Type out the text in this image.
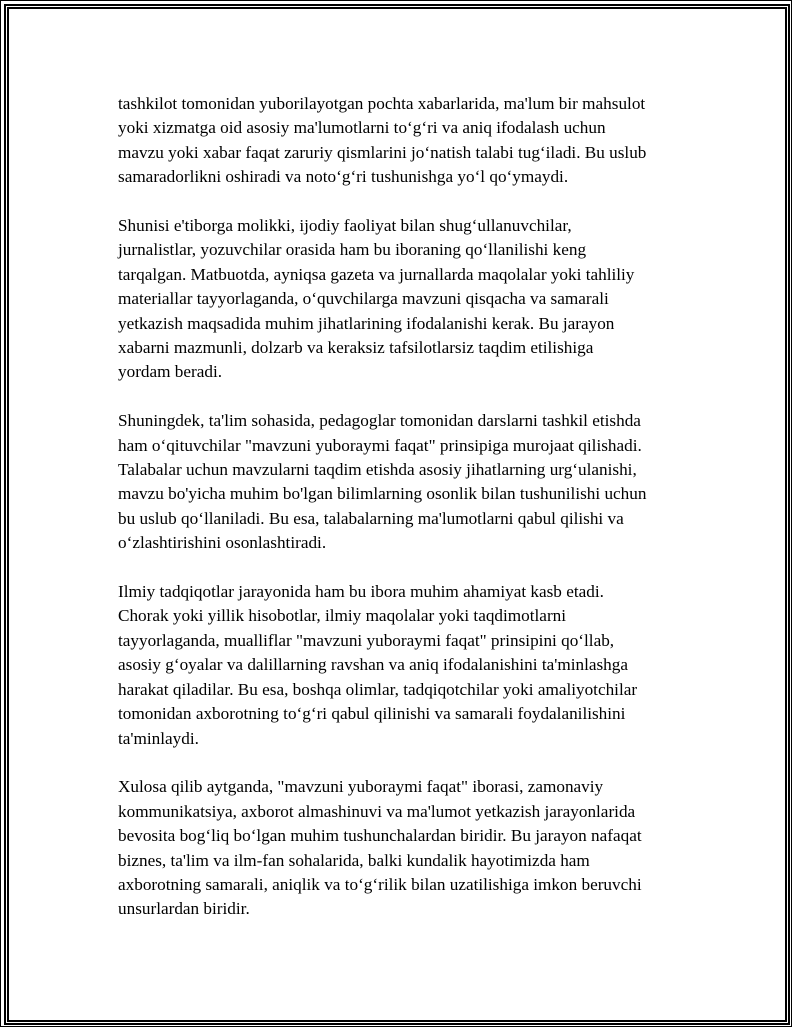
tashkilot tomonidan yuborilayotgan pochta xabarlarida, ma'lum bir mahsulot
yoki xizmatga oid asosiy ma'lumotlarni to‘g‘ri va aniq ifodalash uchun
mavzu yoki xabar faqat zaruriy qismlarini jo‘natish talabi tug‘iladi. Bu uslub
samaradorlikni oshiradi va noto‘g‘ri tushunishga yo‘l qo‘ymaydi.

Shunisi e'tiborga molikki, ijodiy faoliyat bilan shug‘ullanuvchilar,
jurnalistlar, yozuvchilar orasida ham bu iboraning qo‘llanilishi keng
tarqalgan. Matbuotda, ayniqsa gazeta va jurnallarda maqolalar yoki tahliliy
materiallar tayyorlaganda, o‘quvchilarga mavzuni qisqacha va samarali
yetkazish maqsadida muhim jihatlarining ifodalanishi kerak. Bu jarayon
xabarni mazmunli, dolzarb va keraksiz tafsilotlarsiz taqdim etilishiga
yordam beradi.

Shuningdek, ta'lim sohasida, pedagoglar tomonidan darslarni tashkil etishda
ham o‘qituvchilar "mavzuni yuboraymi faqat" prinsipiga murojaat qilishadi.
Talabalar uchun mavzularni taqdim etishda asosiy jihatlarning urg‘ulanishi,
mavzu bo'yicha muhim bo'lgan bilimlarning osonlik bilan tushunilishi uchun
bu uslub qo‘llaniladi. Bu esa, talabalarning ma'lumotlarni qabul qilishi va
o‘zlashtirishini osonlashtiradi.

Ilmiy tadqiqotlar jarayonida ham bu ibora muhim ahamiyat kasb etadi.
Chorak yoki yillik hisobotlar, ilmiy maqolalar yoki taqdimotlarni
tayyorlaganda, mualliflar "mavzuni yuboraymi faqat" prinsipini qo‘llab,
asosiy g‘oyalar va dalillarning ravshan va aniq ifodalanishini ta'minlashga
harakat qiladilar. Bu esa, boshqa olimlar, tadqiqotchilar yoki amaliyotchilar
tomonidan axborotning to‘g‘ri qabul qilinishi va samarali foydalanilishini
ta'minlaydi.

Xulosa qilib aytganda, "mavzuni yuboraymi faqat" iborasi, zamonaviy
kommunikatsiya, axborot almashinuvi va ma'lumot yetkazish jarayonlarida
bevosita bog‘liq bo‘lgan muhim tushunchalardan biridir. Bu jarayon nafaqat
biznes, ta'lim va ilm-fan sohalarida, balki kundalik hayotimizda ham
axborotning samarali, aniqlik va to‘g‘rilik bilan uzatilishiga imkon beruvchi
unsurlardan biridir.
